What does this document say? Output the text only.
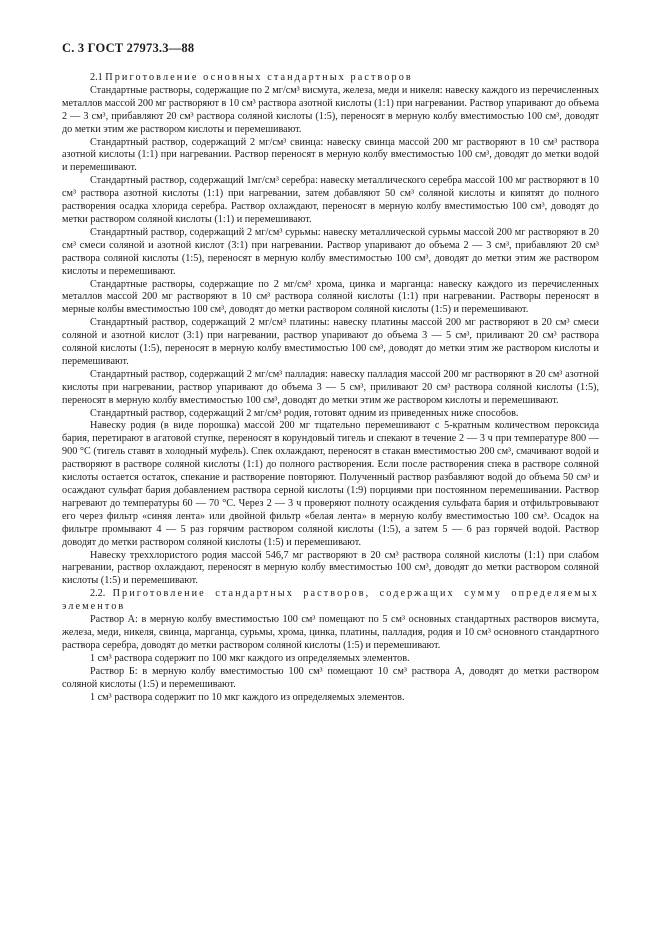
С. 3 ГОСТ 27973.3—88

2.1 Приготовление основных стандартных растворов

Стандартные растворы, содержащие по 2 мг/см³ висмута, железа, меди и никеля: навеску каждого из перечисленных металлов массой 200 мг растворяют в 10 см³ раствора азотной кислоты (1:1) при нагревании. Раствор упаривают до объема 2 — 3 см³, прибавляют 20 см³ раствора соляной кислоты (1:5), переносят в мерную колбу вместимостью 100 см³, доводят до метки этим же раствором кислоты и перемешивают.

Стандартный раствор, содержащий 2 мг/см³ свинца: навеску свинца массой 200 мг растворяют в 10 см³ раствора азотной кислоты (1:1) при нагревании. Раствор переносят в мерную колбу вместимостью 100 см³, доводят до метки водой и перемешивают.

Стандартный раствор, содержащий 1мг/см³ серебра: навеску металлического серебра массой 100 мг растворяют в 10 см³ раствора азотной кислоты (1:1) при нагревании, затем добавляют 50 см³ соляной кислоты и кипятят до полного растворения осадка хлорида серебра. Раствор охлаждают, переносят в мерную колбу вместимостью 100 см³, доводят до метки раствором соляной кислоты (1:1) и перемешивают.

Стандартный раствор, содержащий 2 мг/см³ сурьмы: навеску металлической сурьмы массой 200 мг растворяют в 20 см³ смеси соляной и азотной кислот (3:1) при нагревании. Раствор упаривают до объема 2 — 3 см³, прибавляют 20 см³ раствора соляной кислоты (1:5), переносят в мерную колбу вместимостью 100 см³, доводят до метки этим же раствором кислоты и перемешивают.

Стандартные растворы, содержащие по 2 мг/см³ хрома, цинка и марганца: навеску каждого из перечисленных металлов массой 200 мг растворяют в 10 см³ раствора соляной кислоты (1:1) при нагревании. Растворы переносят в мерные колбы вместимостью 100 см³, доводят до метки раствором соляной кислоты (1:5) и перемешивают.

Стандартный раствор, содержащий 2 мг/см³ платины: навеску платины массой 200 мг растворяют в 20 см³ смеси соляной и азотной кислот (3:1) при нагревании, раствор упаривают до объема 3 — 5 см³, приливают 20 см³ раствора соляной кислоты (1:5), переносят в мерную колбу вместимостью 100 см³, доводят до метки этим же раствором кислоты и перемешивают.

Стандартный раствор, содержащий 2 мг/см³ палладия: навеску палладия массой 200 мг растворяют в 20 см³ азотной кислоты при нагревании, раствор упаривают до объема 3 — 5 см³, приливают 20 см³ раствора соляной кислоты (1:5), переносят в мерную колбу вместимостью 100 см³, доводят до метки этим же раствором кислоты и перемешивают.

Стандартный раствор, содержащий 2 мг/см³ родия, готовят одним из приведенных ниже способов.

Навеску родия (в виде порошка) массой 200 мг тщательно перемешивают с 5-кратным количеством пероксида бария, перетирают в агатовой ступке, переносят в корундовый тигель и спекают в течение 2 — 3 ч при температуре 800 — 900 °С (тигель ставят в холодный муфель). Спек охлаждают, переносят в стакан вместимостью 200 см³, смачивают водой и растворяют в растворе соляной кислоты (1:1) до полного растворения. Если после растворения спека в растворе соляной кислоты остается остаток, спекание и растворение повторяют. Полученный раствор разбавляют водой до объема 50 см³ и осаждают сульфат бария добавлением раствора серной кислоты (1:9) порциями при постоянном перемешивании. Раствор нагревают до температуры 60 — 70 °С. Через 2 — 3 ч проверяют полноту осаждения сульфата бария и отфильтровывают его через фильтр «синяя лента» или двойной фильтр «белая лента» в мерную колбу вместимостью 100 см³. Осадок на фильтре промывают 4 — 5 раз горячим раствором соляной кислоты (1:5), а затем 5 — 6 раз горячей водой. Раствор доводят до метки раствором соляной кислоты (1:5) и перемешивают.

Навеску треххлористого родия массой 546,7 мг растворяют в 20 см³ раствора соляной кислоты (1:1) при слабом нагревании, раствор охлаждают, переносят в мерную колбу вместимостью 100 см³, доводят до метки раствором соляной кислоты (1:5) и перемешивают.

2.2. Приготовление стандартных растворов, содержащих сумму определяемых элементов

Раствор А: в мерную колбу вместимостью 100 см³ помещают по 5 см³ основных стандартных растворов висмута, железа, меди, никеля, свинца, марганца, сурьмы, хрома, цинка, платины, палладия, родия и 10 см³ основного стандартного раствора серебра, доводят до метки раствором соляной кислоты (1:5) и перемешивают.

1 см³ раствора содержит по 100 мкг каждого из определяемых элементов.

Раствор Б: в мерную колбу вместимостью 100 см³ помещают 10 см³ раствора А, доводят до метки раствором соляной кислоты (1:5) и перемешивают.

1 см³ раствора содержит по 10 мкг каждого из определяемых элементов.
